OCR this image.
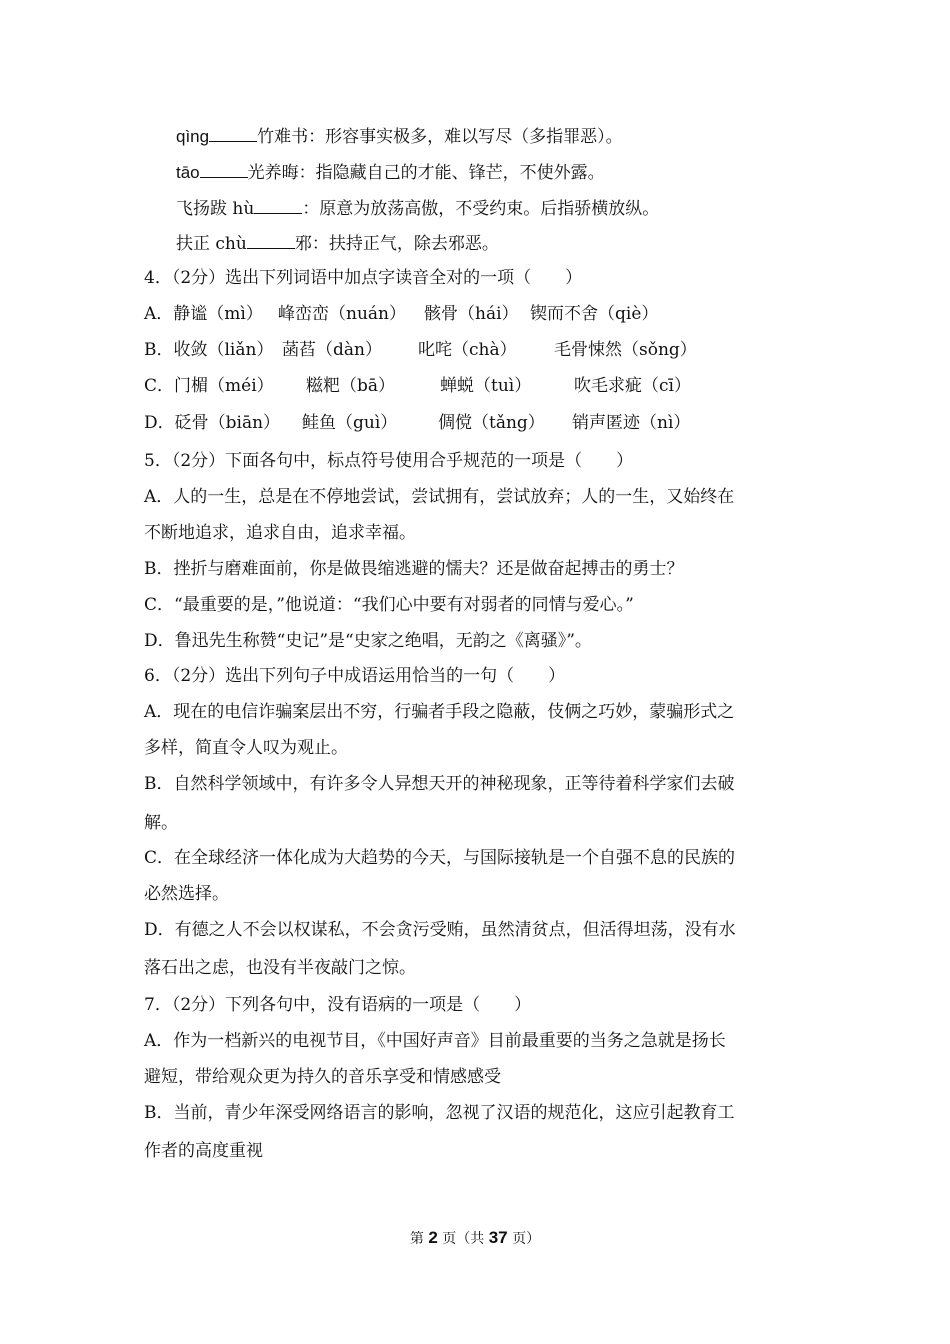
qìng	竹难书：形容事实极多，难以写尽（多指罪恶）。
tāo	光养晦：指隐藏自己的才能、锋芒，不使外露。
飞扬跋 hù	：原意为放荡高傲，不受约束。后指骄横放纵。
扶正 chù	邪：扶持正气，除去邪恶。
4．（2分）选出下列词语中加点字读音全对的一项（　　）
A．静谧（mì） 峰峦峦（nuán） 骸骨（hái） 锲而不舍（qiè）
B．收敛（liǎn） 菡萏（dàn） 叱咤（chà） 毛骨悚然（sǒng）
C．门楣（méi） 糍粑（bā）	蝉蜕（tuì）	吹毛求疵（cī）
D．砭骨（biān） 鲑鱼（guì） 倜傥（tǎng） 销声匿迹（nì）
5．（2分）下面各句中，标点符号使用合乎规范的一项是（　　）
A．人的一生，总是在不停地尝试，尝试拥有，尝试放弃；人的一生，又始终在
不断地追求，追求自由，追求幸福。
B．挫折与磨难面前，你是做畏缩逃避的懦夫？还是做奋起搏击的勇士？
C．“最重要的是，”他说道：“我们心中要有对弱者的同情与爱心。”
D．鲁迅先生称赞“史记”是“史家之绝唱，无韵之《离骚》”。
6．（2分）选出下列句子中成语运用恰当的一句（　　）
A．现在的电信诈骗案层出不穷，行骗者手段之隐蔽，伎俩之巧妙，蒙骗形式之
多样，简直令人叹为观止。
B．自然科学领域中，有许多令人异想天开的神秘现象，正等待着科学家们去破
解。
C．在全球经济一体化成为大趋势的今天，与国际接轨是一个自强不息的民族的
必然选择。
D．有德之人不会以权谋私，不会贪污受贿，虽然清贫点，但活得坦荡，没有水
落石出之虑，也没有半夜敲门之惊。
7．（2分）下列各句中，没有语病的一项是（　　）
A．作为一档新兴的电视节目，《中国好声音》目前最重要的当务之急就是扬长
避短，带给观众更为持久的音乐享受和情感感受
B．当前，青少年深受网络语言的影响，忽视了汉语的规范化，这应引起教育工
作者的高度重视
第 2 页（共 37 页）
